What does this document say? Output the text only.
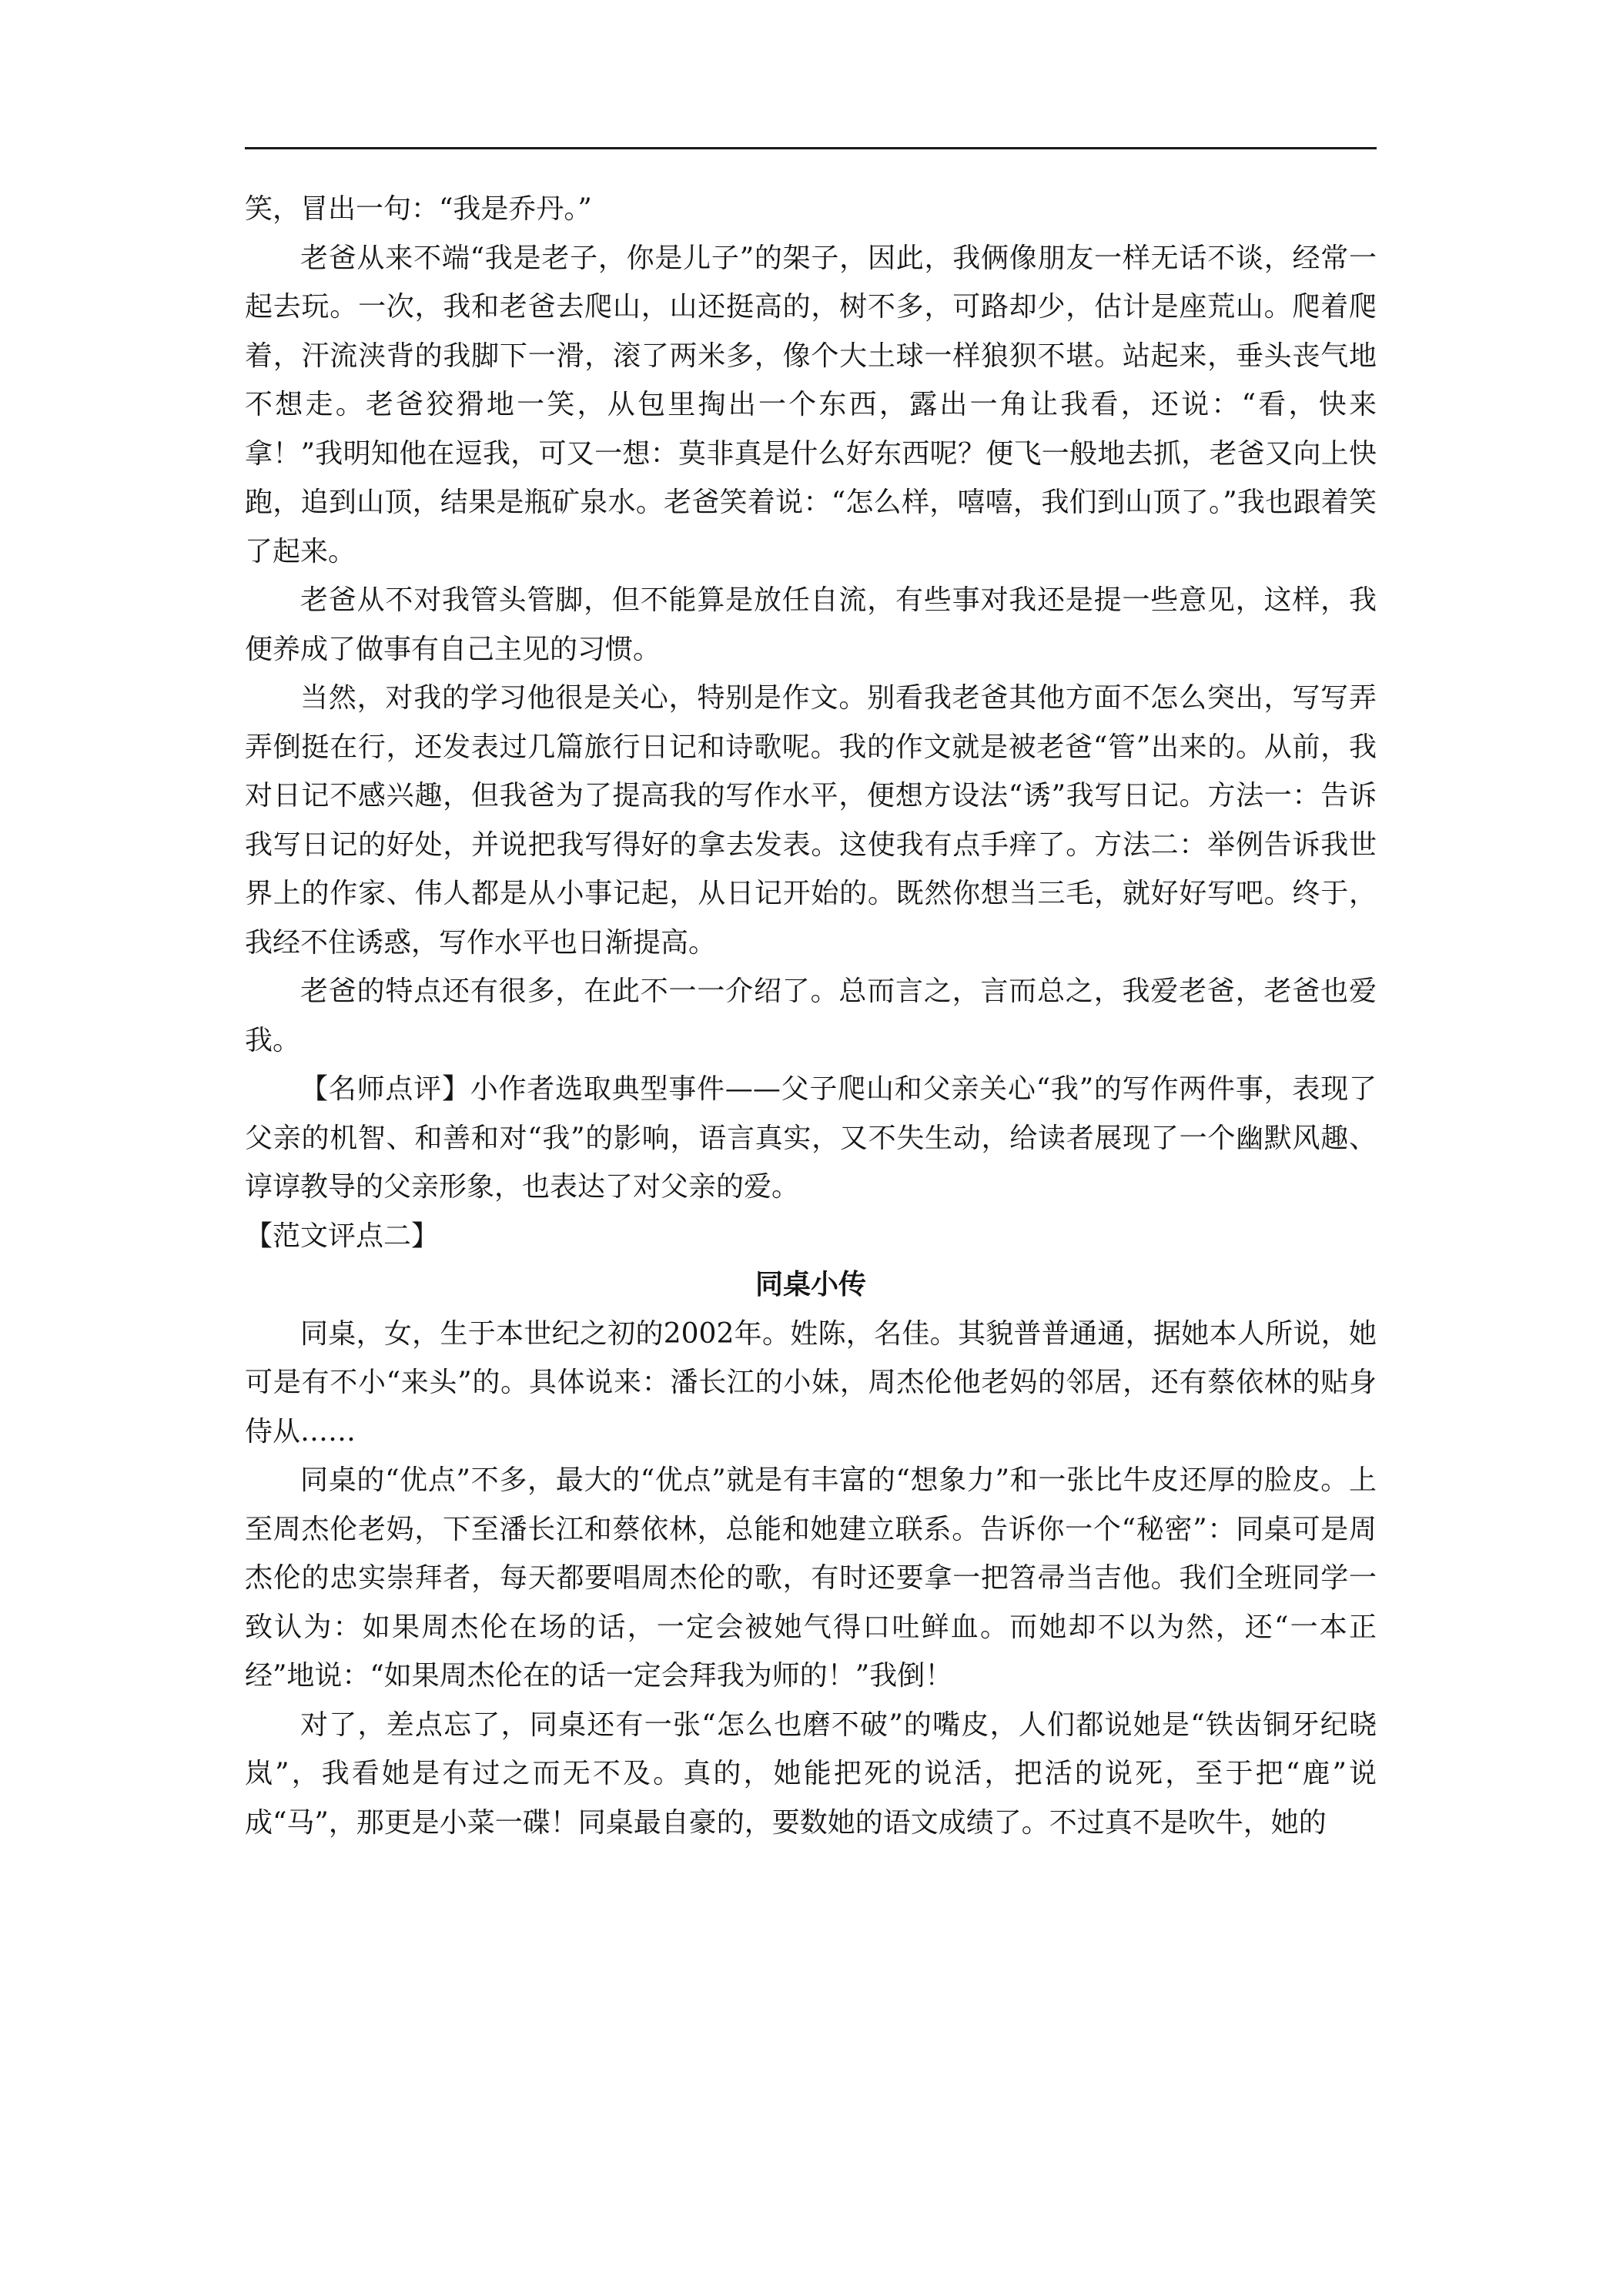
笑，冒出一句：“我是乔丹。”

老爸从来不端“我是老子，你是儿子”的架子，因此，我俩像朋友一样无话不谈，经常一起去玩。一次，我和老爸去爬山，山还挺高的，树不多，可路却少，估计是座荒山。爬着爬着，汗流浃背的我脚下一滑，滚了两米多，像个大土球一样狼狈不堪。站起来，垂头丧气地不想走。老爸狡猾地一笑，从包里掏出一个东西，露出一角让我看，还说：“看，快来拿！”我明知他在逗我，可又一想：莫非真是什么好东西呢？便飞一般地去抓，老爸又向上快跑，追到山顶，结果是瓶矿泉水。老爸笑着说：“怎么样，嘻嘻，我们到山顶了。”我也跟着笑了起来。

老爸从不对我管头管脚，但不能算是放任自流，有些事对我还是提一些意见，这样，我便养成了做事有自己主见的习惯。

当然，对我的学习他很是关心，特别是作文。别看我老爸其他方面不怎么突出，写写弄弄倒挺在行，还发表过几篇旅行日记和诗歌呢。我的作文就是被老爸“管”出来的。从前，我对日记不感兴趣，但我爸为了提高我的写作水平，便想方设法“诱”我写日记。方法一：告诉我写日记的好处，并说把我写得好的拿去发表。这使我有点手痒了。方法二：举例告诉我世界上的作家、伟人都是从小事记起，从日记开始的。既然你想当三毛，就好好写吧。终于，我经不住诱惑，写作水平也日渐提高。

老爸的特点还有很多，在此不一一介绍了。总而言之，言而总之，我爱老爸，老爸也爱我。

【名师点评】小作者选取典型事件——父子爬山和父亲关心“我”的写作两件事，表现了父亲的机智、和善和对“我”的影响，语言真实，又不失生动，给读者展现了一个幽默风趣、谆谆教导的父亲形象，也表达了对父亲的爱。

【范文评点二】

同桌小传

同桌，女，生于本世纪之初的2002年。姓陈，名佳。其貌普普通通，据她本人所说，她可是有不小“来头”的。具体说来：潘长江的小妹，周杰伦他老妈的邻居，还有蔡依林的贴身侍从……

同桌的“优点”不多，最大的“优点”就是有丰富的“想象力”和一张比牛皮还厚的脸皮。上至周杰伦老妈，下至潘长江和蔡依林，总能和她建立联系。告诉你一个“秘密”：同桌可是周杰伦的忠实崇拜者，每天都要唱周杰伦的歌，有时还要拿一把笤帚当吉他。我们全班同学一致认为：如果周杰伦在场的话，一定会被她气得口吐鲜血。而她却不以为然，还“一本正经”地说：“如果周杰伦在的话一定会拜我为师的！”我倒！

对了，差点忘了，同桌还有一张“怎么也磨不破”的嘴皮，人们都说她是“铁齿铜牙纪晓岚”，我看她是有过之而无不及。真的，她能把死的说活，把活的说死，至于把“鹿”说成“马”，那更是小菜一碟！同桌最自豪的，要数她的语文成绩了。不过真不是吹牛，她的
